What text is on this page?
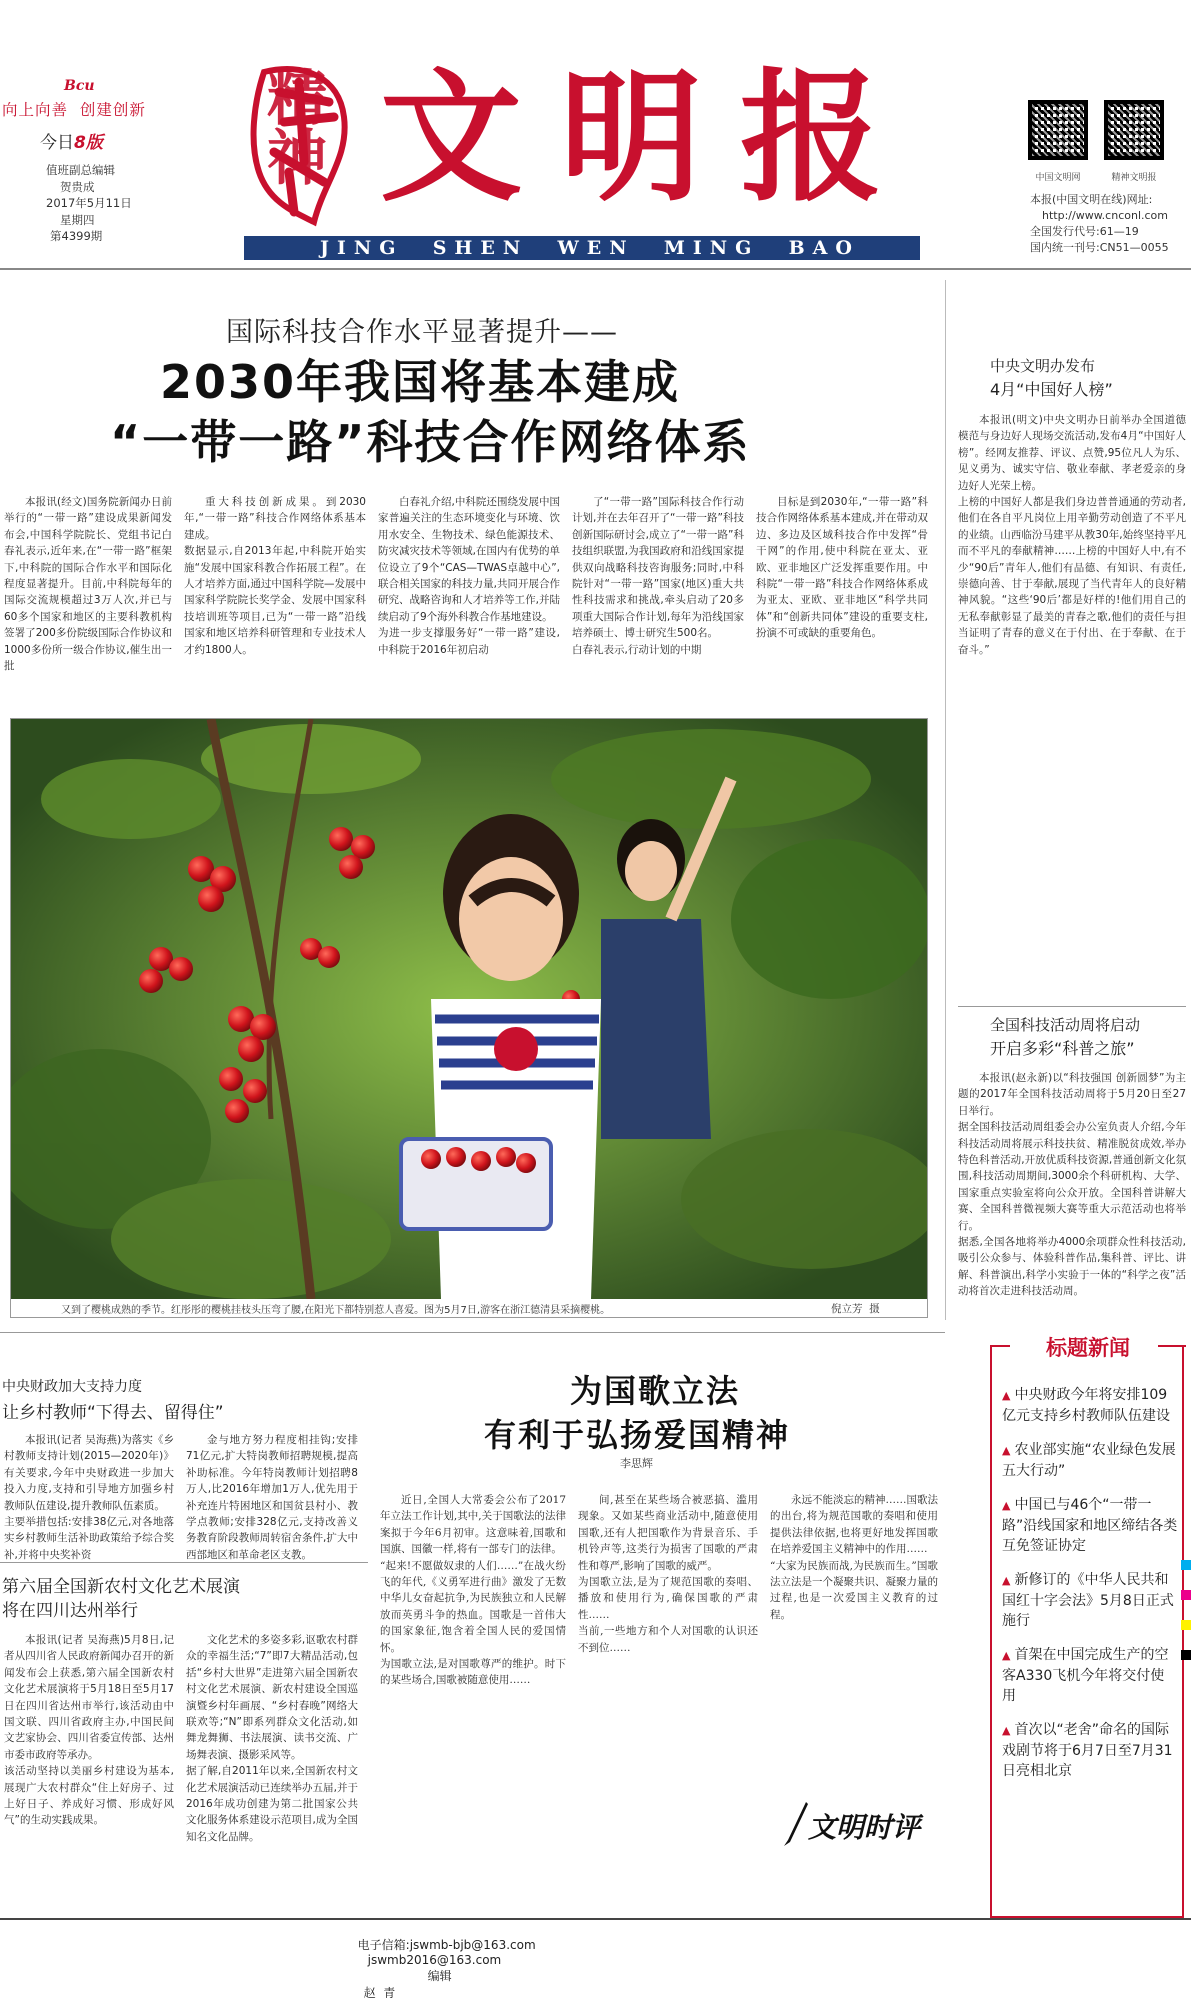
Bcu
向上向善  创建创新
今日8版
值班副总编辑
贺贵成
2017年5月11日
星期四
第4399期
精神 文明报
JING  SHEN  WEN  MING  BAO
中国文明网	精神文明报
本报(中国文明在线)网址:
http://www.cnconl.com
全国发行代号:61—19
国内统一刊号:CN51—0055
国际科技合作水平显著提升——
2030年我国将基本建成
“一带一路”科技合作网络体系

本报讯(经文)国务院新闻办日前举行的“一带一路”建设成果新闻发布会,中国科学院院长、党组书记白春礼表示,近年来,在“一带一路”框架下,中科院的国际合作水平和国际化程度显著提升。目前,中科院每年的国际交流规模超过3万人次,并已与60多个国家和地区的主要科教机构签署了200多份院级国际合作协议和1000多份所一级合作协议,催生出一批

重大科技创新成果。到2030年,“一带一路”科技合作网络体系基本建成。
数据显示,自2013年起,中科院开始实施“发展中国家科教合作拓展工程”。在人才培养方面,通过中国科学院—发展中国家科学院院长奖学金、发展中国家科技培训班等项目,已为“一带一路”沿线国家和地区培养科研管理和专业技术人才约1800人。

白春礼介绍,中科院还围绕发展中国家普遍关注的生态环境变化与环境、饮用水安全、生物技术、绿色能源技术、防灾减灾技术等领域,在国内有优势的单位设立了9个“CAS—TWAS卓越中心”,联合相关国家的科技力量,共同开展合作研究、战略咨询和人才培养等工作,并陆续启动了9个海外科教合作基地建设。
为进一步支撑服务好“一带一路”建设,中科院于2016年初启动

了“一带一路”国际科技合作行动计划,并在去年召开了“一带一路”科技创新国际研讨会,成立了“一带一路”科技组织联盟,为我国政府和沿线国家提供双向战略科技咨询服务;同时,中科院针对“一带一路”国家(地区)重大共性科技需求和挑战,牵头启动了20多项重大国际合作计划,每年为沿线国家培养硕士、博士研究生500名。
白春礼表示,行动计划的中期

目标是到2030年,“一带一路”科技合作网络体系基本建成,并在带动双边、多边及区域科技合作中发挥“骨干网”的作用,使中科院在亚太、亚欧、亚非地区广泛发挥重要作用。中科院“一带一路”科技合作网络体系成为亚太、亚欧、亚非地区“科学共同体”和“创新共同体”建设的重要支柱,扮演不可或缺的重要角色。

又到了樱桃成熟的季节。红彤彤的樱桃挂枝头压弯了腰,在阳光下都特别惹人喜爱。图为5月7日,游客在浙江德清县采摘樱桃。	倪立芳  摄
中央文明办发布
4月“中国好人榜”

本报讯(明文)中央文明办日前举办全国道德模范与身边好人现场交流活动,发布4月“中国好人榜”。经网友推荐、评议、点赞,95位凡人为乐、见义勇为、诚实守信、敬业奉献、孝老爱亲的身边好人光荣上榜。
上榜的中国好人都是我们身边普普通通的劳动者,他们在各自平凡岗位上用辛勤劳动创造了不平凡的业绩。山西临汾马建平从教30年,始终坚持平凡而不平凡的奉献精神……上榜的中国好人中,有不少“90后”青年人,他们有品德、有知识、有责任,崇德向善、甘于奉献,展现了当代青年人的良好精神风貌。“这些‘90后’都是好样的!他们用自己的无私奉献彰显了最美的青春之歌,他们的责任与担当证明了青春的意义在于付出、在于奉献、在于奋斗。”

全国科技活动周将启动
开启多彩“科普之旅”

本报讯(赵永新)以“科技强国 创新圆梦”为主题的2017年全国科技活动周将于5月20日至27日举行。
据全国科技活动周组委会办公室负责人介绍,今年科技活动周将展示科技扶贫、精准脱贫成效,举办特色科普活动,开放优质科技资源,普通创新文化氛围,科技活动周期间,3000余个科研机构、大学、国家重点实验室将向公众开放。全国科普讲解大赛、全国科普微视频大赛等重大示范活动也将举行。
据悉,全国各地将举办4000余项群众性科技活动,吸引公众参与、体验科普作品,集科普、评比、讲解、科普演出,科学小实验于一体的“科学之夜”活动将首次走进科技活动周。

中央财政加大支持力度
让乡村教师“下得去、留得住”

本报讯(记者 吴海燕)为落实《乡村教师支持计划(2015—2020年)》有关要求,今年中央财政进一步加大投入力度,支持和引导地方加强乡村教师队伍建设,提升教师队伍素质。
主要举措包括:安排38亿元,对各地落实乡村教师生活补助政策给予综合奖补,并将中央奖补资

金与地方努力程度相挂钩;安排71亿元,扩大特岗教师招聘规模,提高补助标准。今年特岗教师计划招聘8万人,比2016年增加1万人,优先用于补充连片特困地区和国贫县村小、教学点教师;安排328亿元,支持改善义务教育阶段教师周转宿舍条件,扩大中西部地区和革命老区支教。

第六届全国新农村文化艺术展演
将在四川达州举行

本报讯(记者 吴海燕)5月8日,记者从四川省人民政府新闻办召开的新闻发布会上获悉,第六届全国新农村文化艺术展演将于5月18日至5月17日在四川省达州市举行,该活动由中国文联、四川省政府主办,中国民间文艺家协会、四川省委宣传部、达州市委市政府等承办。
该活动坚持以美丽乡村建设为基本,展现广大农村群众“住上好房子、过上好日子、养成好习惯、形成好风气”的生动实践成果。

文化艺术的多姿多彩,讴歌农村群众的幸福生活;“7”即7大精品活动,包括“乡村大世界”走进第六届全国新农村文化艺术展演、新农村建设全国巡演暨乡村年画展、“乡村春晚”网络大联欢等;“N”即系列群众文化活动,如舞龙舞狮、书法展演、读书交流、广场舞表演、摄影采风等。
据了解,自2011年以来,全国新农村文化艺术展演活动已连续举办五届,并于2016年成功创建为第二批国家公共文化服务体系建设示范项目,成为全国知名文化品牌。

为国歌立法
有利于弘扬爱国精神
李思辉

近日,全国人大常委会公布了2017年立法工作计划,其中,关于国歌法的法律案拟于今年6月初审。这意味着,国歌和国旗、国徽一样,将有一部专门的法律。
“起来!不愿做奴隶的人们……”在战火纷飞的年代,《义勇军进行曲》激发了无数中华儿女奋起抗争,为民族独立和人民解放而英勇斗争的热血。国歌是一首伟大的国家象征,饱含着全国人民的爱国情怀。
为国歌立法,是对国歌尊严的维护。时下的某些场合,国歌被随意使用……

间,甚至在某些场合被恶搞、滥用现象。又如某些商业活动中,随意使用国歌,还有人把国歌作为背景音乐、手机铃声等,这类行为损害了国歌的严肃性和尊严,影响了国歌的威严。
为国歌立法,是为了规范国歌的奏唱、播放和使用行为,确保国歌的严肃性……
当前,一些地方和个人对国歌的认识还不到位……

永远不能淡忘的精神……国歌法的出台,将为规范国歌的奏唱和使用提供法律依据,也将更好地发挥国歌在培养爱国主义精神中的作用……
“大家为民族而战,为民族而生。”国歌法立法是一个凝聚共识、凝聚力量的过程,也是一次爱国主义教育的过程。

文明时评
标题新闻
▲ 中央财政今年将安排109亿元支持乡村教师队伍建设
▲ 农业部实施“农业绿色发展五大行动”
▲ 中国已与46个“一带一路”沿线国家和地区缔结各类互免签证协定
▲ 新修订的《中华人民共和国红十字会法》5月8日正式施行
▲ 首架在中国完成生产的空客A330飞机今年将交付使用
▲ 首次以“老舍”命名的国际戏剧节将于6月7日至7月31日亮相北京

电子信箱:jswmb-bjb@163.com
jswmb2016@163.com
编辑
赵  青
